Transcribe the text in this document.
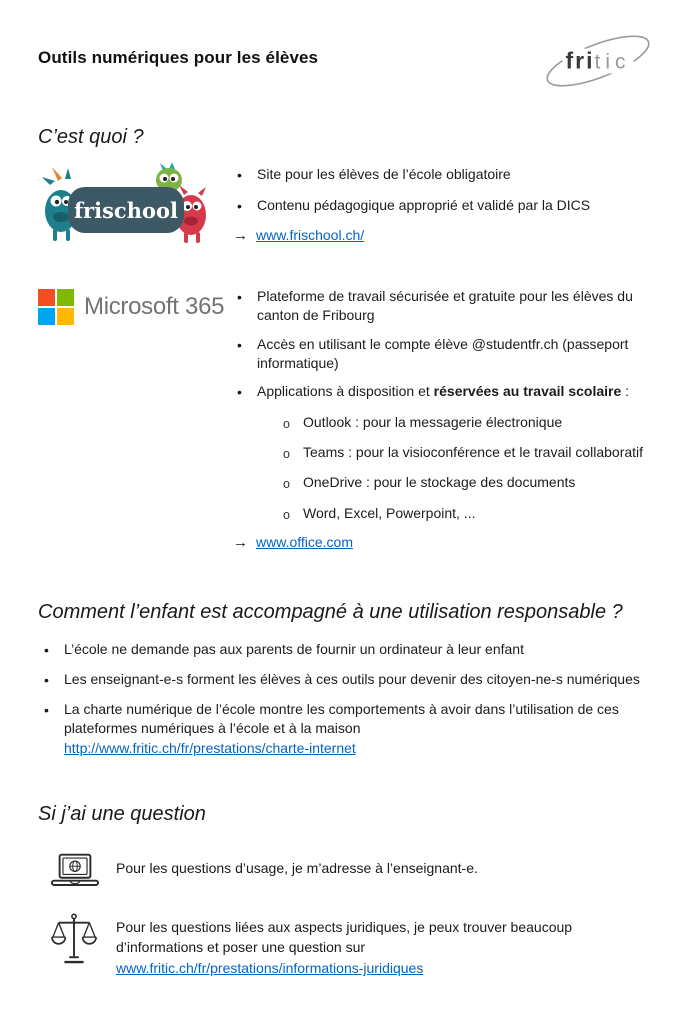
Outils numériques pour les élèves	fritic
C’est quoi ?
frischool
•
Site pour les élèves de l’école obligatoire
•
Contenu pédagogique approprié et validé par la DICS
→ www.frischool.ch/
Microsoft 365 • Plateforme de travail sécurisée et gratuite pour les élèves du canton de Fribourg
•
Accès en utilisant le compte élève @studentfr.ch (passeport informatique)
•
Applications à disposition et réservées au travail scolaire :
o
Outlook : pour la messagerie électronique
o
Teams : pour la visioconférence et le travail collaboratif
o
OneDrive : pour le stockage des documents
o
Word, Excel, Powerpoint, ...
→ www.office.com
Comment l’enfant est accompagné à une utilisation responsable ?
•
L’école ne demande pas aux parents de fournir un ordinateur à leur enfant
•
Les enseignant-e-s forment les élèves à ces outils pour devenir des citoyen-ne-s numériques
•
La charte numérique de l’école montre les comportements à avoir dans l’utilisation de ces plateformes numériques à l’école et à la maison
http://www.fritic.ch/fr/prestations/charte-internet
Si j’ai une question
Pour les questions d’usage, je m’adresse à l’enseignant-e.
Pour les questions liées aux aspects juridiques, je peux trouver beaucoup d’informations et poser une question sur
www.fritic.ch/fr/prestations/informations-juridiques
